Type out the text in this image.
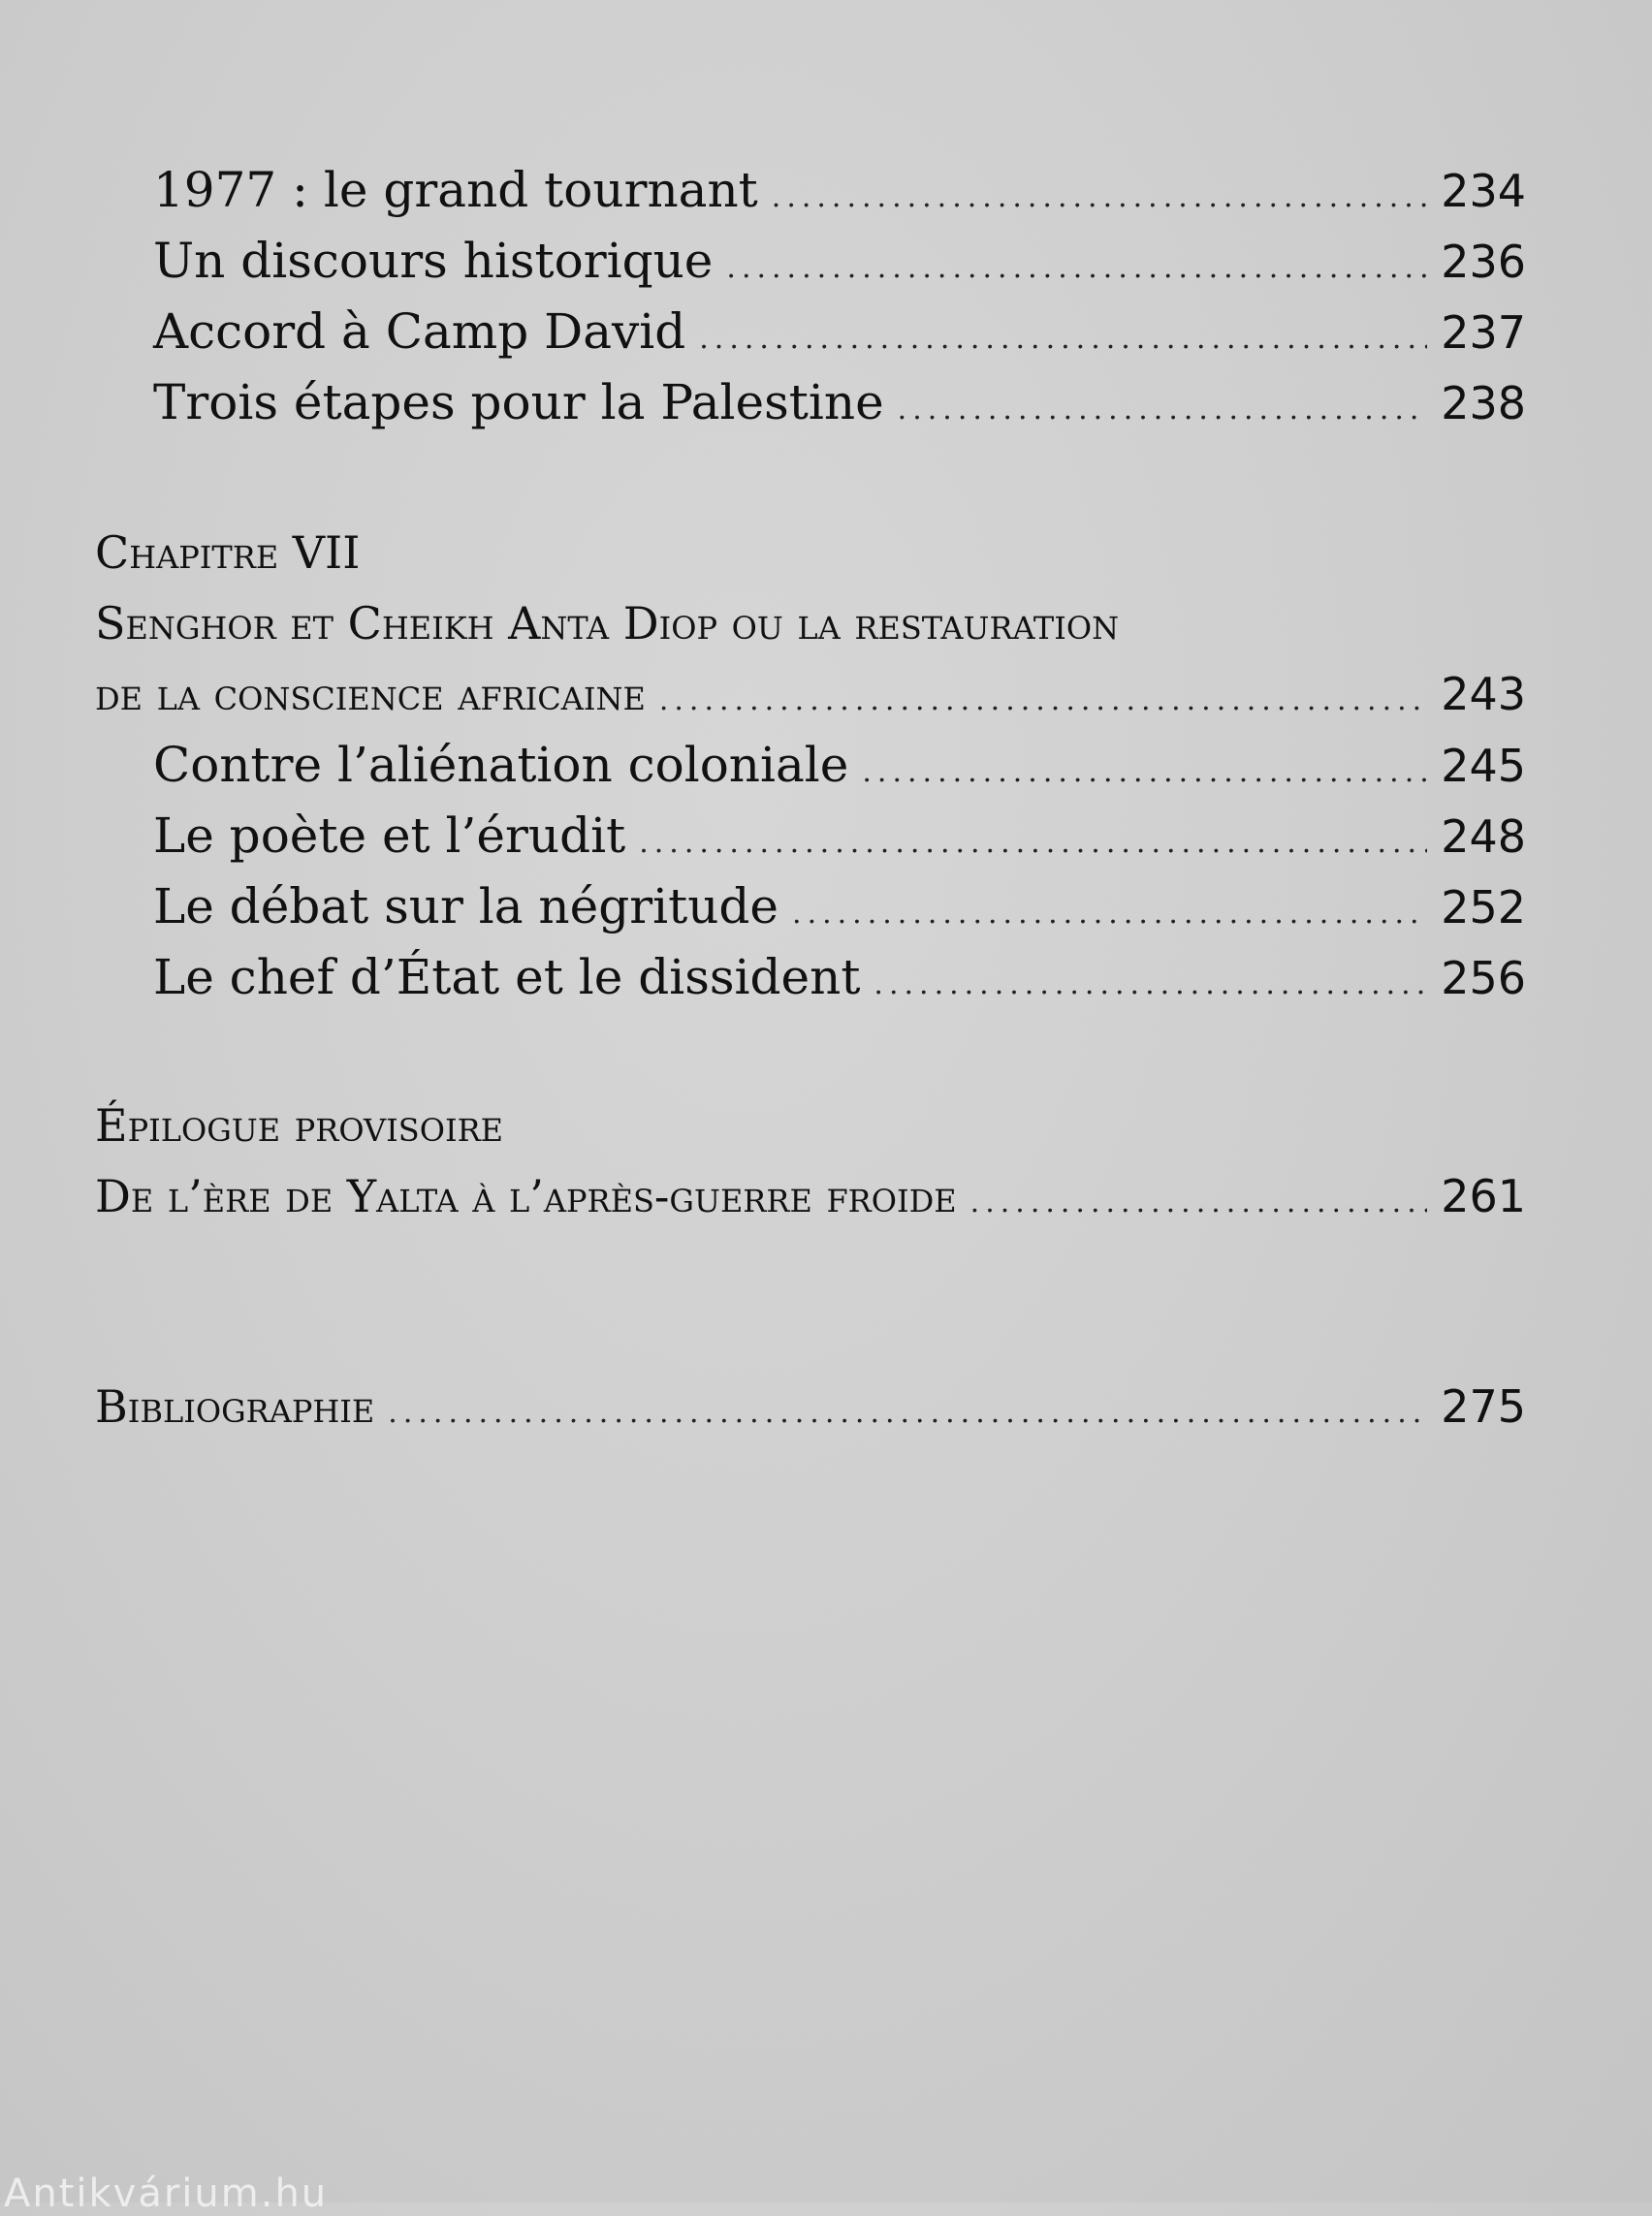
1977 : le grand tournant .....	234
Un discours historique .....	236
Accord à Camp David .....	237
Trois étapes pour la Palestine .....	238
Chapitre VII
Senghor et Cheikh Anta Diop ou la restauration
de la conscience africaine .....	243
Contre l’aliénation coloniale .....	245
Le poète et l’érudit .....	248
Le débat sur la négritude .....	252
Le chef d’État et le dissident .....	256
Épilogue provisoire
De l’ère de Yalta à l’après-guerre froide .....	261
Bibliographie .....	275
Antikvárium.hu
